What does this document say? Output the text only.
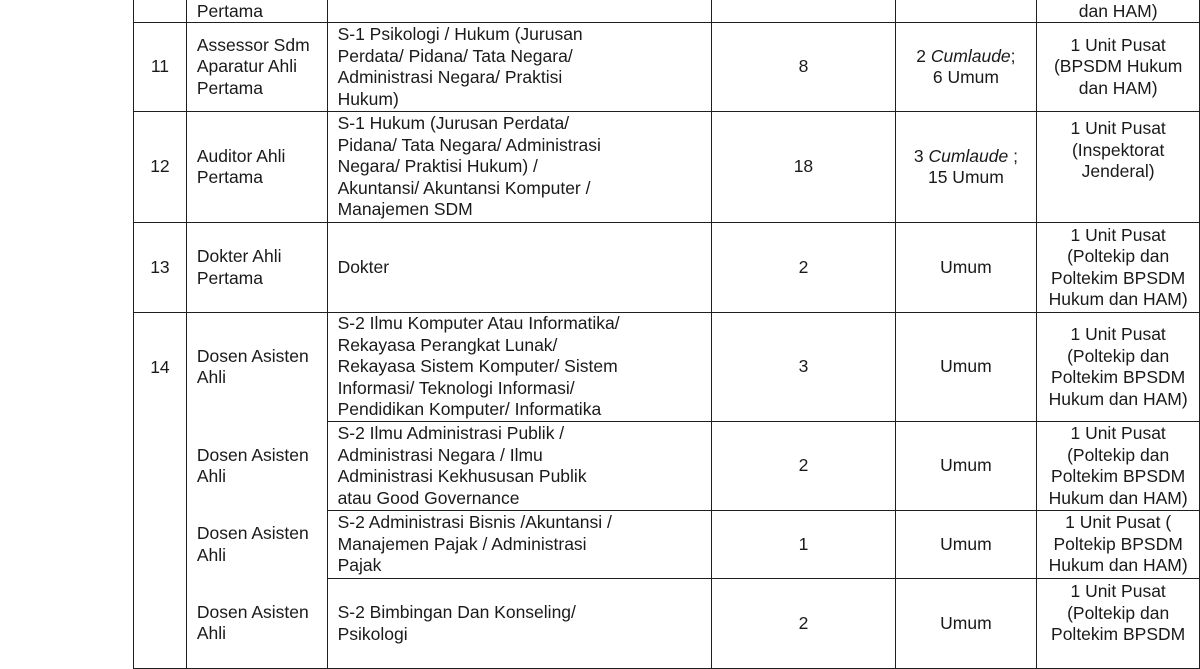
	Pertama				dan HAM)
11	Assessor Sdm
Aparatur Ahli
Pertama	S-1 Psikologi / Hukum (Jurusan
Perdata/ Pidana/ Tata Negara/
Administrasi Negara/ Praktisi
Hukum)	8	2 Cumlaude;
6 Umum	1 Unit Pusat
(BPSDM Hukum
dan HAM)
12	Auditor Ahli
Pertama	S-1 Hukum (Jurusan Perdata/
Pidana/ Tata Negara/ Administrasi
Negara/ Praktisi Hukum) /
Akuntansi/ Akuntansi Komputer /
Manajemen SDM	18	3 Cumlaude ;
15 Umum	1 Unit Pusat
(Inspektorat
Jenderal)
13	Dokter Ahli
Pertama	Dokter	2	Umum	1 Unit Pusat
(Poltekip dan
Poltekim BPSDM
Hukum dan HAM)
14	Dosen Asisten
Ahli	S-2 Ilmu Komputer Atau Informatika/
Rekayasa Perangkat Lunak/
Rekayasa Sistem Komputer/ Sistem
Informasi/ Teknologi Informasi/
Pendidikan Komputer/ Informatika	3	Umum	1 Unit Pusat
(Poltekip dan
Poltekim BPSDM
Hukum dan HAM)
	Dosen Asisten
Ahli	S-2 Ilmu Administrasi Publik /
Administrasi Negara / Ilmu
Administrasi Kekhususan Publik
atau Good Governance	2	Umum	1 Unit Pusat
(Poltekip dan
Poltekim BPSDM
Hukum dan HAM)
	Dosen Asisten
Ahli	S-2 Administrasi Bisnis /Akuntansi /
Manajemen Pajak / Administrasi
Pajak	1	Umum	1 Unit Pusat (
Poltekip BPSDM
Hukum dan HAM)
	Dosen Asisten
Ahli	S-2 Bimbingan Dan Konseling/
Psikologi	2	Umum	1 Unit Pusat
(Poltekip dan
Poltekim BPSDM
